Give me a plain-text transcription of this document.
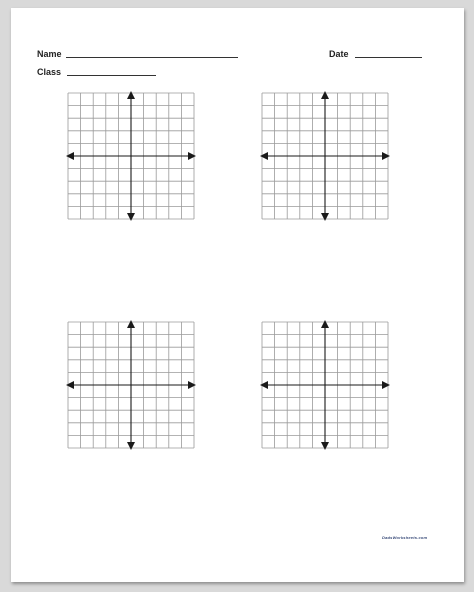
Name	Date
Class
DadsWorksheets.com
